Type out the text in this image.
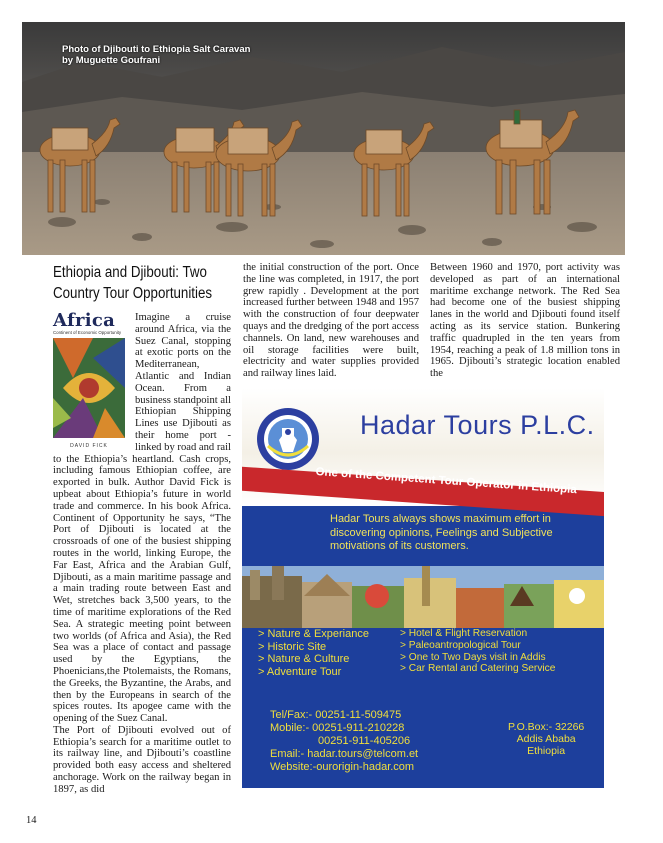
Photo of Djibouti to Ethiopia Salt Caravan
by Muguette Goufrani
Ethiopia and Djibouti: Two Country Tour Opportunities
Africa
Continent of Economic Opportunity
DAVID FICK

Imagine a cruise around Africa, via the Suez Canal, stopping at exotic ports on the Mediterranean, Atlantic and Indian Ocean. From a business standpoint all Ethiopian Shipping Lines use Djibouti as their home port - linked by road and rail to the Ethiopia’s heartland. Cash crops, including famous Ethiopian coffee, are exported in bulk. Author David Fick is upbeat about Ethiopia’s future in world trade and commerce. In his book Africa. Continent of Opportunity he says, “The Port of Djibouti is located at the crossroads of one of the busiest shipping routes in the world, linking Europe, the Far East, Africa and the Arabian Gulf, Djibouti, as a main maritime passage and a main trading route between East and Wet, stretches back 3,500 years, to the time of maritime explorations of the Red Sea. A strategic meeting point between two worlds (of Africa and Asia), the Red Sea was a place of contact and passage used by the Egyptians, the Phoenicians,the Ptolemaists, the Romans, the Greeks, the Byzantine, the Arabs, and then by the Europeans in search of the spices routes. Its apogee came with the opening of the Suez Canal.

The Port of Djibouti evolved out of Ethiopia’s search for a maritime outlet to its railway line, and Djibouti’s coastline provided both easy access and sheltered anchorage. Work on the railway began in 1897, as did

the initial construction of the port. Once the line was completed, in 1917, the port grew rapidly . Development at the port increased further between 1948 and 1957 with the construction of four deepwater quays and the dredging of the port access channels. On land, new warehouses and oil storage facilities were built, electricity and water supplies provided and railway lines laid.

Between 1960 and 1970, port activity was developed as part of an international maritime exchange network. The Red Sea had become one of the busiest shipping lanes in the world and Djibouti found itself acting as its service station. Bunkering traffic quadrupled in the ten years from 1954, reaching a peak of 1.8 million tons in 1965. Djibouti’s strategic location enabled the

Hadar Tours P.L.C.
One of the Competent Tour Operator in Ethiopia
Hadar Tours always shows maximum effort in discovering opinions, Feelings and Subjective motivations of its customers.
> Nature & Experiance
> Historic Site
> Nature & Culture
> Adventure Tour
> Hotel & Flight Reservation
> Paleoantropological Tour
> One to Two Days visit in Addis
> Car Rental and Catering Service
Tel/Fax:- 00251-11-509475
Mobile:- 00251-911-210228
00251-911-405206
Email:- hadar.tours@telcom.et
Website:-ourorigin-hadar.com
P.O.Box:- 32266
Addis Ababa
Ethiopia
14
